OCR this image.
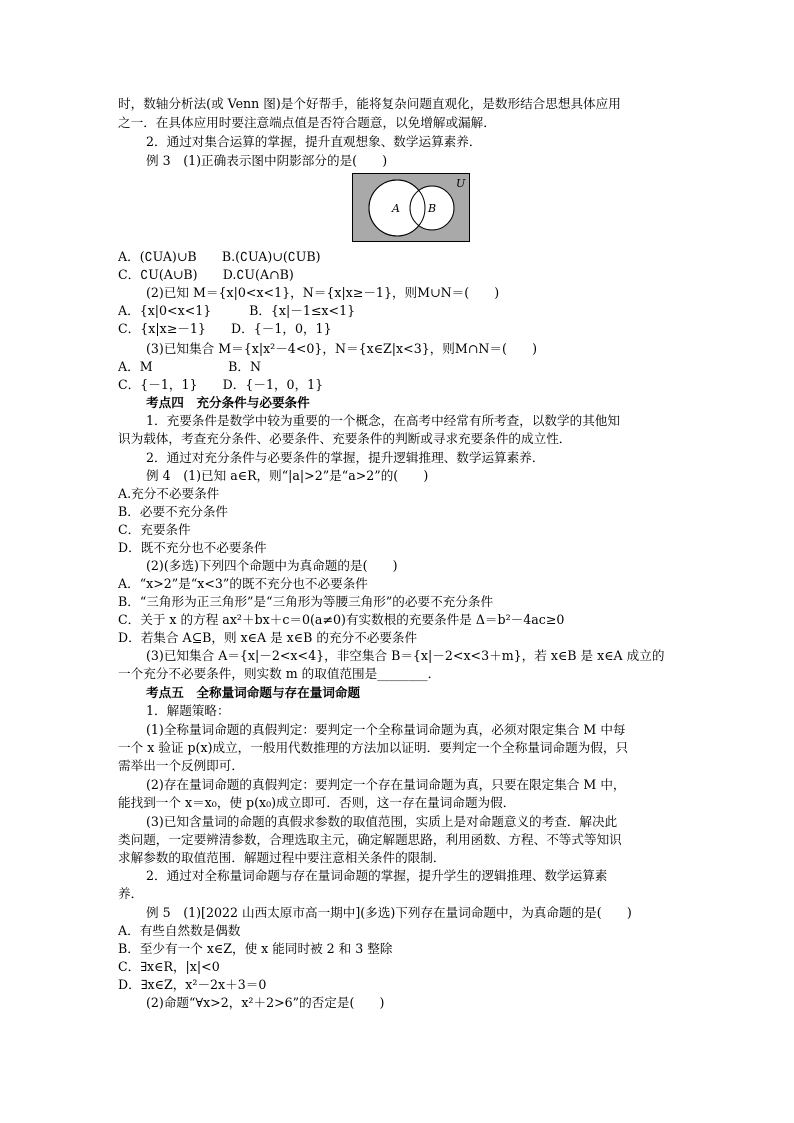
时，数轴分析法(或 Venn 图)是个好帮手，能将复杂问题直观化，是数形结合思想具体应用
之一．在具体应用时要注意端点值是否符合题意，以免增解或漏解．
2．通过对集合运算的掌握，提升直观想象、数学运算素养．
例 3　(1)正确表示图中阴影部分的是(　　)
U
A	B
A．(∁UA)∪B　　B.(∁UA)∪(∁UB)
C．∁U(A∪B)　　D.∁U(A∩B)
(2)已知 M＝{x|0<x<1}，N＝{x|x≥－1}，则M∪N＝(　　)
A．{x|0<x<1}　　　B．{x|－1≤x<1}
C．{x|x≥－1}　　D．{－1，0，1}
(3)已知集合 M＝{x|x²－4<0}，N＝{x∈Z|x<3}，则M∩N＝(　　)
A．M　　　　　　B．N
C．{－1，1}　　D．{－1，0，1}
考点四　充分条件与必要条件
1．充要条件是数学中较为重要的一个概念，在高考中经常有所考查，以数学的其他知
识为载体，考查充分条件、必要条件、充要条件的判断或寻求充要条件的成立性．
2．通过对充分条件与必要条件的掌握，提升逻辑推理、数学运算素养．
例 4　(1)已知 a∈R，则“|a|>2”是“a>2”的(　　)
A.充分不必要条件
B．必要不充分条件
C．充要条件
D．既不充分也不必要条件
(2)(多选)下列四个命题中为真命题的是(　　)
A．“x>2”是“x<3”的既不充分也不必要条件
B．“三角形为正三角形”是“三角形为等腰三角形”的必要不充分条件
C．关于 x 的方程 ax²＋bx＋c＝0(a≠0)有实数根的充要条件是 Δ＝b²－4ac≥0
D．若集合 A⊆B，则 x∈A 是 x∈B 的充分不必要条件
(3)已知集合 A＝{x|－2<x<4}，非空集合 B＝{x|－2<x<3＋m}，若 x∈B 是 x∈A 成立的
一个充分不必要条件，则实数 m 的取值范围是________．
考点五　全称量词命题与存在量词命题
1．解题策略：
(1)全称量词命题的真假判定：要判定一个全称量词命题为真，必须对限定集合 M 中每
一个 x 验证 p(x)成立，一般用代数推理的方法加以证明．要判定一个全称量词命题为假，只
需举出一个反例即可．
(2)存在量词命题的真假判定：要判定一个存在量词命题为真，只要在限定集合 M 中，
能找到一个 x＝x₀，使 p(x₀)成立即可．否则，这一存在量词命题为假．
(3)已知含量词的命题的真假求参数的取值范围，实质上是对命题意义的考查．解决此
类问题，一定要辨清参数，合理选取主元，确定解题思路，利用函数、方程、不等式等知识
求解参数的取值范围．解题过程中要注意相关条件的限制．
2．通过对全称量词命题与存在量词命题的掌握，提升学生的逻辑推理、数学运算素
养．
例 5　(1)[2022 山西太原市高一期中](多选)下列存在量词命题中，为真命题的是(　　)
A．有些自然数是偶数
B．至少有一个 x∈Z，使 x 能同时被 2 和 3 整除
C．∃x∈R，|x|<0
D．∃x∈Z，x²－2x＋3＝0
(2)命题“∀x>2，x²＋2>6”的否定是(　　)
